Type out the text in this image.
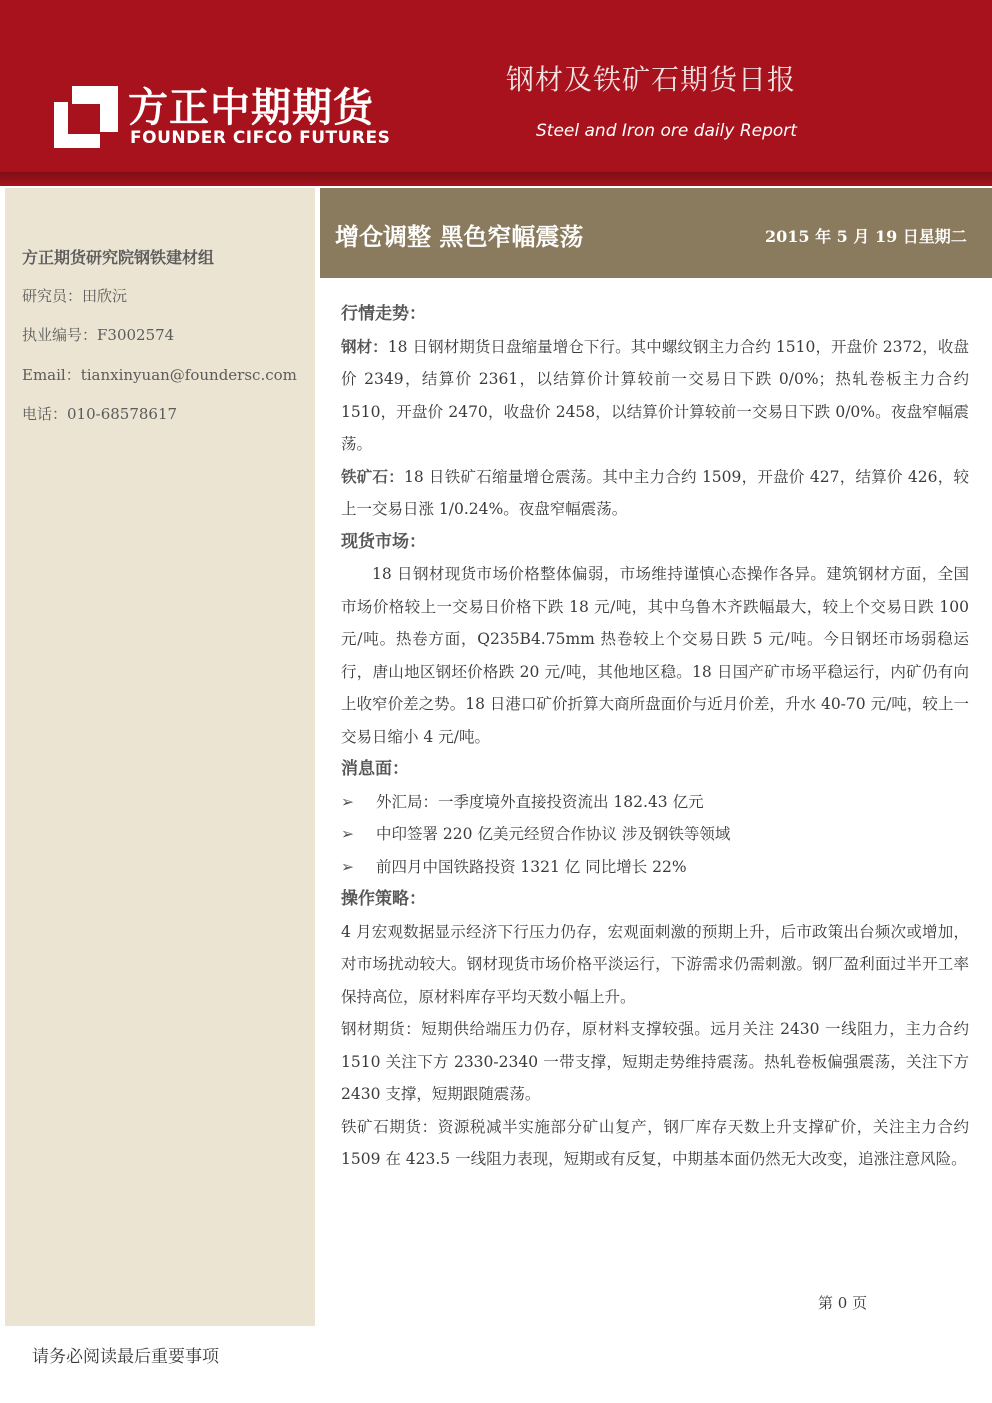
方正中期期货
FOUNDER CIFCO FUTURES
钢材及铁矿石期货日报
Steel and Iron ore daily Report
方正期货研究院钢铁建材组
研究员：田欣沅
执业编号：F3002574
Email：tianxinyuan@foundersc.com
电话：010-68578617
增仓调整 黑色窄幅震荡	2015 年 5 月 19 日星期二

行情走势：

钢材：18 日钢材期货日盘缩量增仓下行。其中螺纹钢主力合约 1510，开盘价 2372，收盘价 2349，结算价 2361，以结算价计算较前一交易日下跌 0/0%；热轧卷板主力合约 1510，开盘价 2470，收盘价 2458，以结算价计算较前一交易日下跌 0/0%。夜盘窄幅震荡。

铁矿石：18 日铁矿石缩量增仓震荡。其中主力合约 1509，开盘价 427，结算价 426，较上一交易日涨 1/0.24%。夜盘窄幅震荡。

现货市场：

18 日钢材现货市场价格整体偏弱，市场维持谨慎心态操作各异。建筑钢材方面，全国市场价格较上一交易日价格下跌 18 元/吨，其中乌鲁木齐跌幅最大，较上个交易日跌 100 元/吨。热卷方面，Q235B4.75mm 热卷较上个交易日跌 5 元/吨。今日钢坯市场弱稳运行，唐山地区钢坯价格跌 20 元/吨，其他地区稳。18 日国产矿市场平稳运行，内矿仍有向上收窄价差之势。18 日港口矿价折算大商所盘面价与近月价差，升水 40-70 元/吨，较上一交易日缩小 4 元/吨。

消息面：

➢	外汇局：一季度境外直接投资流出 182.43 亿元
➢	中印签署 220 亿美元经贸合作协议 涉及钢铁等领域
➢	前四月中国铁路投资 1321 亿 同比增长 22%

操作策略：

4 月宏观数据显示经济下行压力仍存，宏观面刺激的预期上升，后市政策出台频次或增加，对市场扰动较大。钢材现货市场价格平淡运行，下游需求仍需刺激。钢厂盈利面过半开工率保持高位，原材料库存平均天数小幅上升。

钢材期货：短期供给端压力仍存，原材料支撑较强。远月关注 2430 一线阻力，主力合约 1510 关注下方 2330-2340 一带支撑，短期走势维持震荡。热轧卷板偏强震荡，关注下方 2430 支撑，短期跟随震荡。

铁矿石期货：资源税减半实施部分矿山复产，钢厂库存天数上升支撑矿价，关注主力合约 1509 在 423.5 一线阻力表现，短期或有反复，中期基本面仍然无大改变，追涨注意风险。

第 0 页
请务必阅读最后重要事项
